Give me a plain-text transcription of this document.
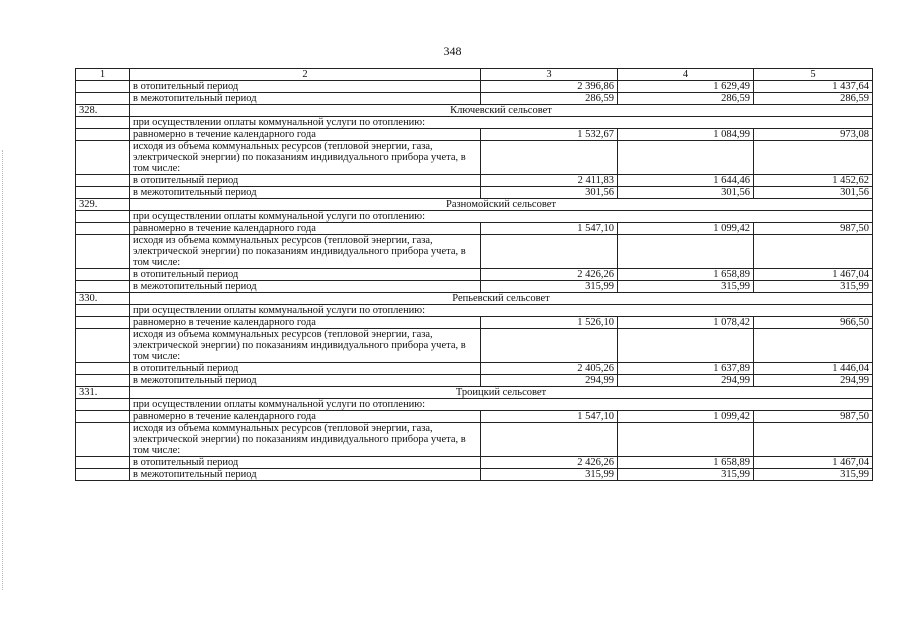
348
1	2	3	4	5
	в отопительный период	2 396,86	1 629,49	1 437,64
	в межотопительный период	286,59	286,59	286,59
328.	Ключевский сельсовет			
	при осуществлении оплаты коммунальной услуги по отоплению:			
	равномерно в течение календарного года	1 532,67	1 084,99	973,08
	исходя из объема коммунальных ресурсов (тепловой энергии, газа, электрической энергии) по показаниям индивидуального прибора учета, в том числе:			
	в отопительный период	2 411,83	1 644,46	1 452,62
	в межотопительный период	301,56	301,56	301,56
329.	Разномойский сельсовет			
	при осуществлении оплаты коммунальной услуги по отоплению:			
	равномерно в течение календарного года	1 547,10	1 099,42	987,50
	исходя из объема коммунальных ресурсов (тепловой энергии, газа, электрической энергии) по показаниям индивидуального прибора учета, в том числе:			
	в отопительный период	2 426,26	1 658,89	1 467,04
	в межотопительный период	315,99	315,99	315,99
330.	Репьевский сельсовет			
	при осуществлении оплаты коммунальной услуги по отоплению:			
	равномерно в течение календарного года	1 526,10	1 078,42	966,50
	исходя из объема коммунальных ресурсов (тепловой энергии, газа, электрической энергии) по показаниям индивидуального прибора учета, в том числе:			
	в отопительный период	2 405,26	1 637,89	1 446,04
	в межотопительный период	294,99	294,99	294,99
331.	Троицкий сельсовет			
	при осуществлении оплаты коммунальной услуги по отоплению:			
	равномерно в течение календарного года	1 547,10	1 099,42	987,50
	исходя из объема коммунальных ресурсов (тепловой энергии, газа, электрической энергии) по показаниям индивидуального прибора учета, в том числе:			
	в отопительный период	2 426,26	1 658,89	1 467,04
	в межотопительный период	315,99	315,99	315,99
